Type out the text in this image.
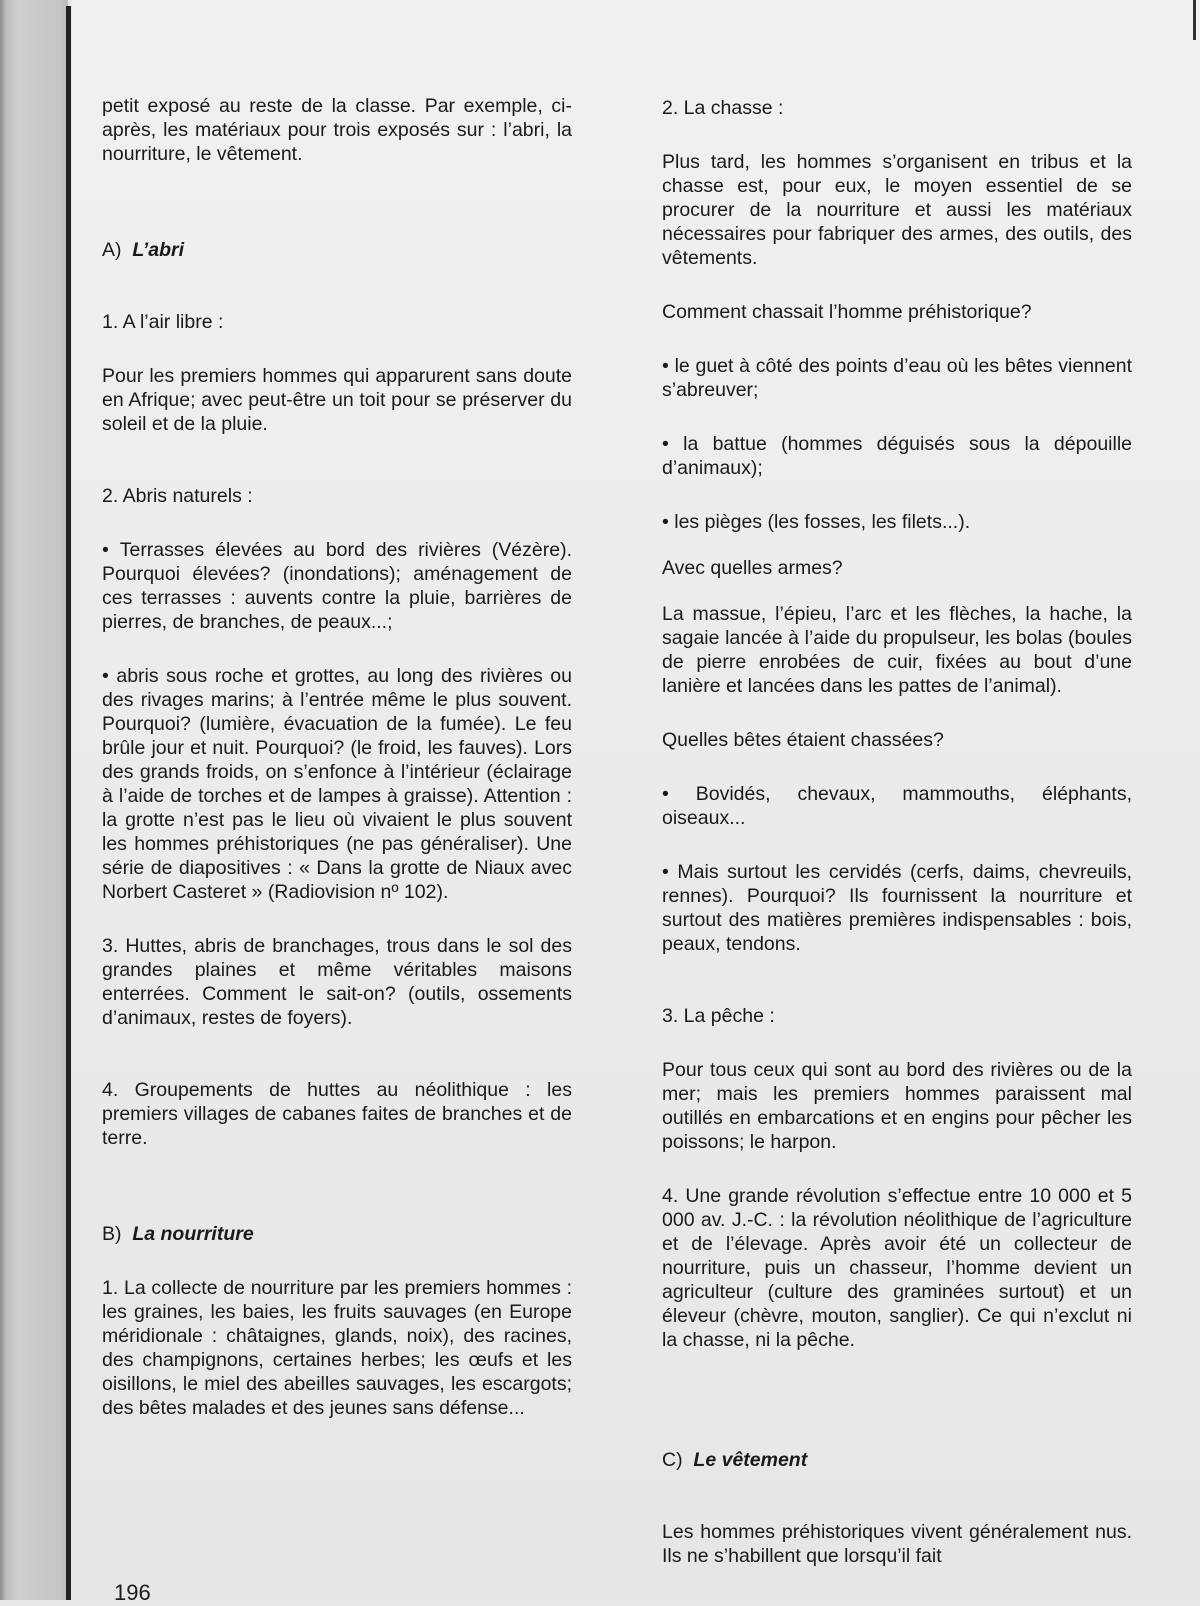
petit exposé au reste de la classe. Par exemple, ci-après, les matériaux pour trois exposés sur : l’abri, la nourriture, le vêtement.

A) L’abri

1. A l’air libre :

Pour les premiers hommes qui apparurent sans doute en Afrique; avec peut-être un toit pour se préserver du soleil et de la pluie.

2. Abris naturels :

• Terrasses élevées au bord des rivières (Vézère). Pourquoi élevées? (inondations); aménagement de ces terrasses : auvents contre la pluie, barrières de pierres, de branches, de peaux...;

• abris sous roche et grottes, au long des rivières ou des rivages marins; à l’entrée même le plus souvent. Pourquoi? (lumière, évacuation de la fumée). Le feu brûle jour et nuit. Pourquoi? (le froid, les fauves). Lors des grands froids, on s’enfonce à l’intérieur (éclairage à l’aide de torches et de lampes à graisse). Attention : la grotte n’est pas le lieu où vivaient le plus souvent les hommes préhistoriques (ne pas généraliser). Une série de diapositives : « Dans la grotte de Niaux avec Norbert Casteret » (Radiovision nº 102).

3. Huttes, abris de branchages, trous dans le sol des grandes plaines et même véritables maisons enterrées. Comment le sait-on? (outils, ossements d’animaux, restes de foyers).

4. Groupements de huttes au néolithique : les premiers villages de cabanes faites de branches et de terre.

B) La nourriture

1. La collecte de nourriture par les premiers hommes : les graines, les baies, les fruits sauvages (en Europe méridionale : châtaignes, glands, noix), des racines, des champignons, certaines herbes; les œufs et les oisillons, le miel des abeilles sauvages, les escargots; des bêtes malades et des jeunes sans défense...

2. La chasse :

Plus tard, les hommes s’organisent en tribus et la chasse est, pour eux, le moyen essentiel de se procurer de la nourriture et aussi les matériaux nécessaires pour fabriquer des armes, des outils, des vêtements.

Comment chassait l’homme préhistorique?

• le guet à côté des points d’eau où les bêtes viennent s’abreuver;

• la battue (hommes déguisés sous la dépouille d’animaux);

• les pièges (les fosses, les filets...).

Avec quelles armes?

La massue, l’épieu, l’arc et les flèches, la hache, la sagaie lancée à l’aide du propulseur, les bolas (boules de pierre enrobées de cuir, fixées au bout d’une lanière et lancées dans les pattes de l’animal).

Quelles bêtes étaient chassées?

• Bovidés, chevaux, mammouths, éléphants, oiseaux...

• Mais surtout les cervidés (cerfs, daims, chevreuils, rennes). Pourquoi? Ils fournissent la nourriture et surtout des matières premières indispensables : bois, peaux, tendons.

3. La pêche :

Pour tous ceux qui sont au bord des rivières ou de la mer; mais les premiers hommes paraissent mal outillés en embarcations et en engins pour pêcher les poissons; le harpon.

4. Une grande révolution s’effectue entre 10 000 et 5 000 av. J.-C. : la révolution néolithique de l’agriculture et de l’élevage. Après avoir été un collecteur de nourriture, puis un chasseur, l’homme devient un agriculteur (culture des graminées surtout) et un éleveur (chèvre, mouton, sanglier). Ce qui n’exclut ni la chasse, ni la pêche.

C) Le vêtement

Les hommes préhistoriques vivent généralement nus. Ils ne s’habillent que lorsqu’il fait

196
